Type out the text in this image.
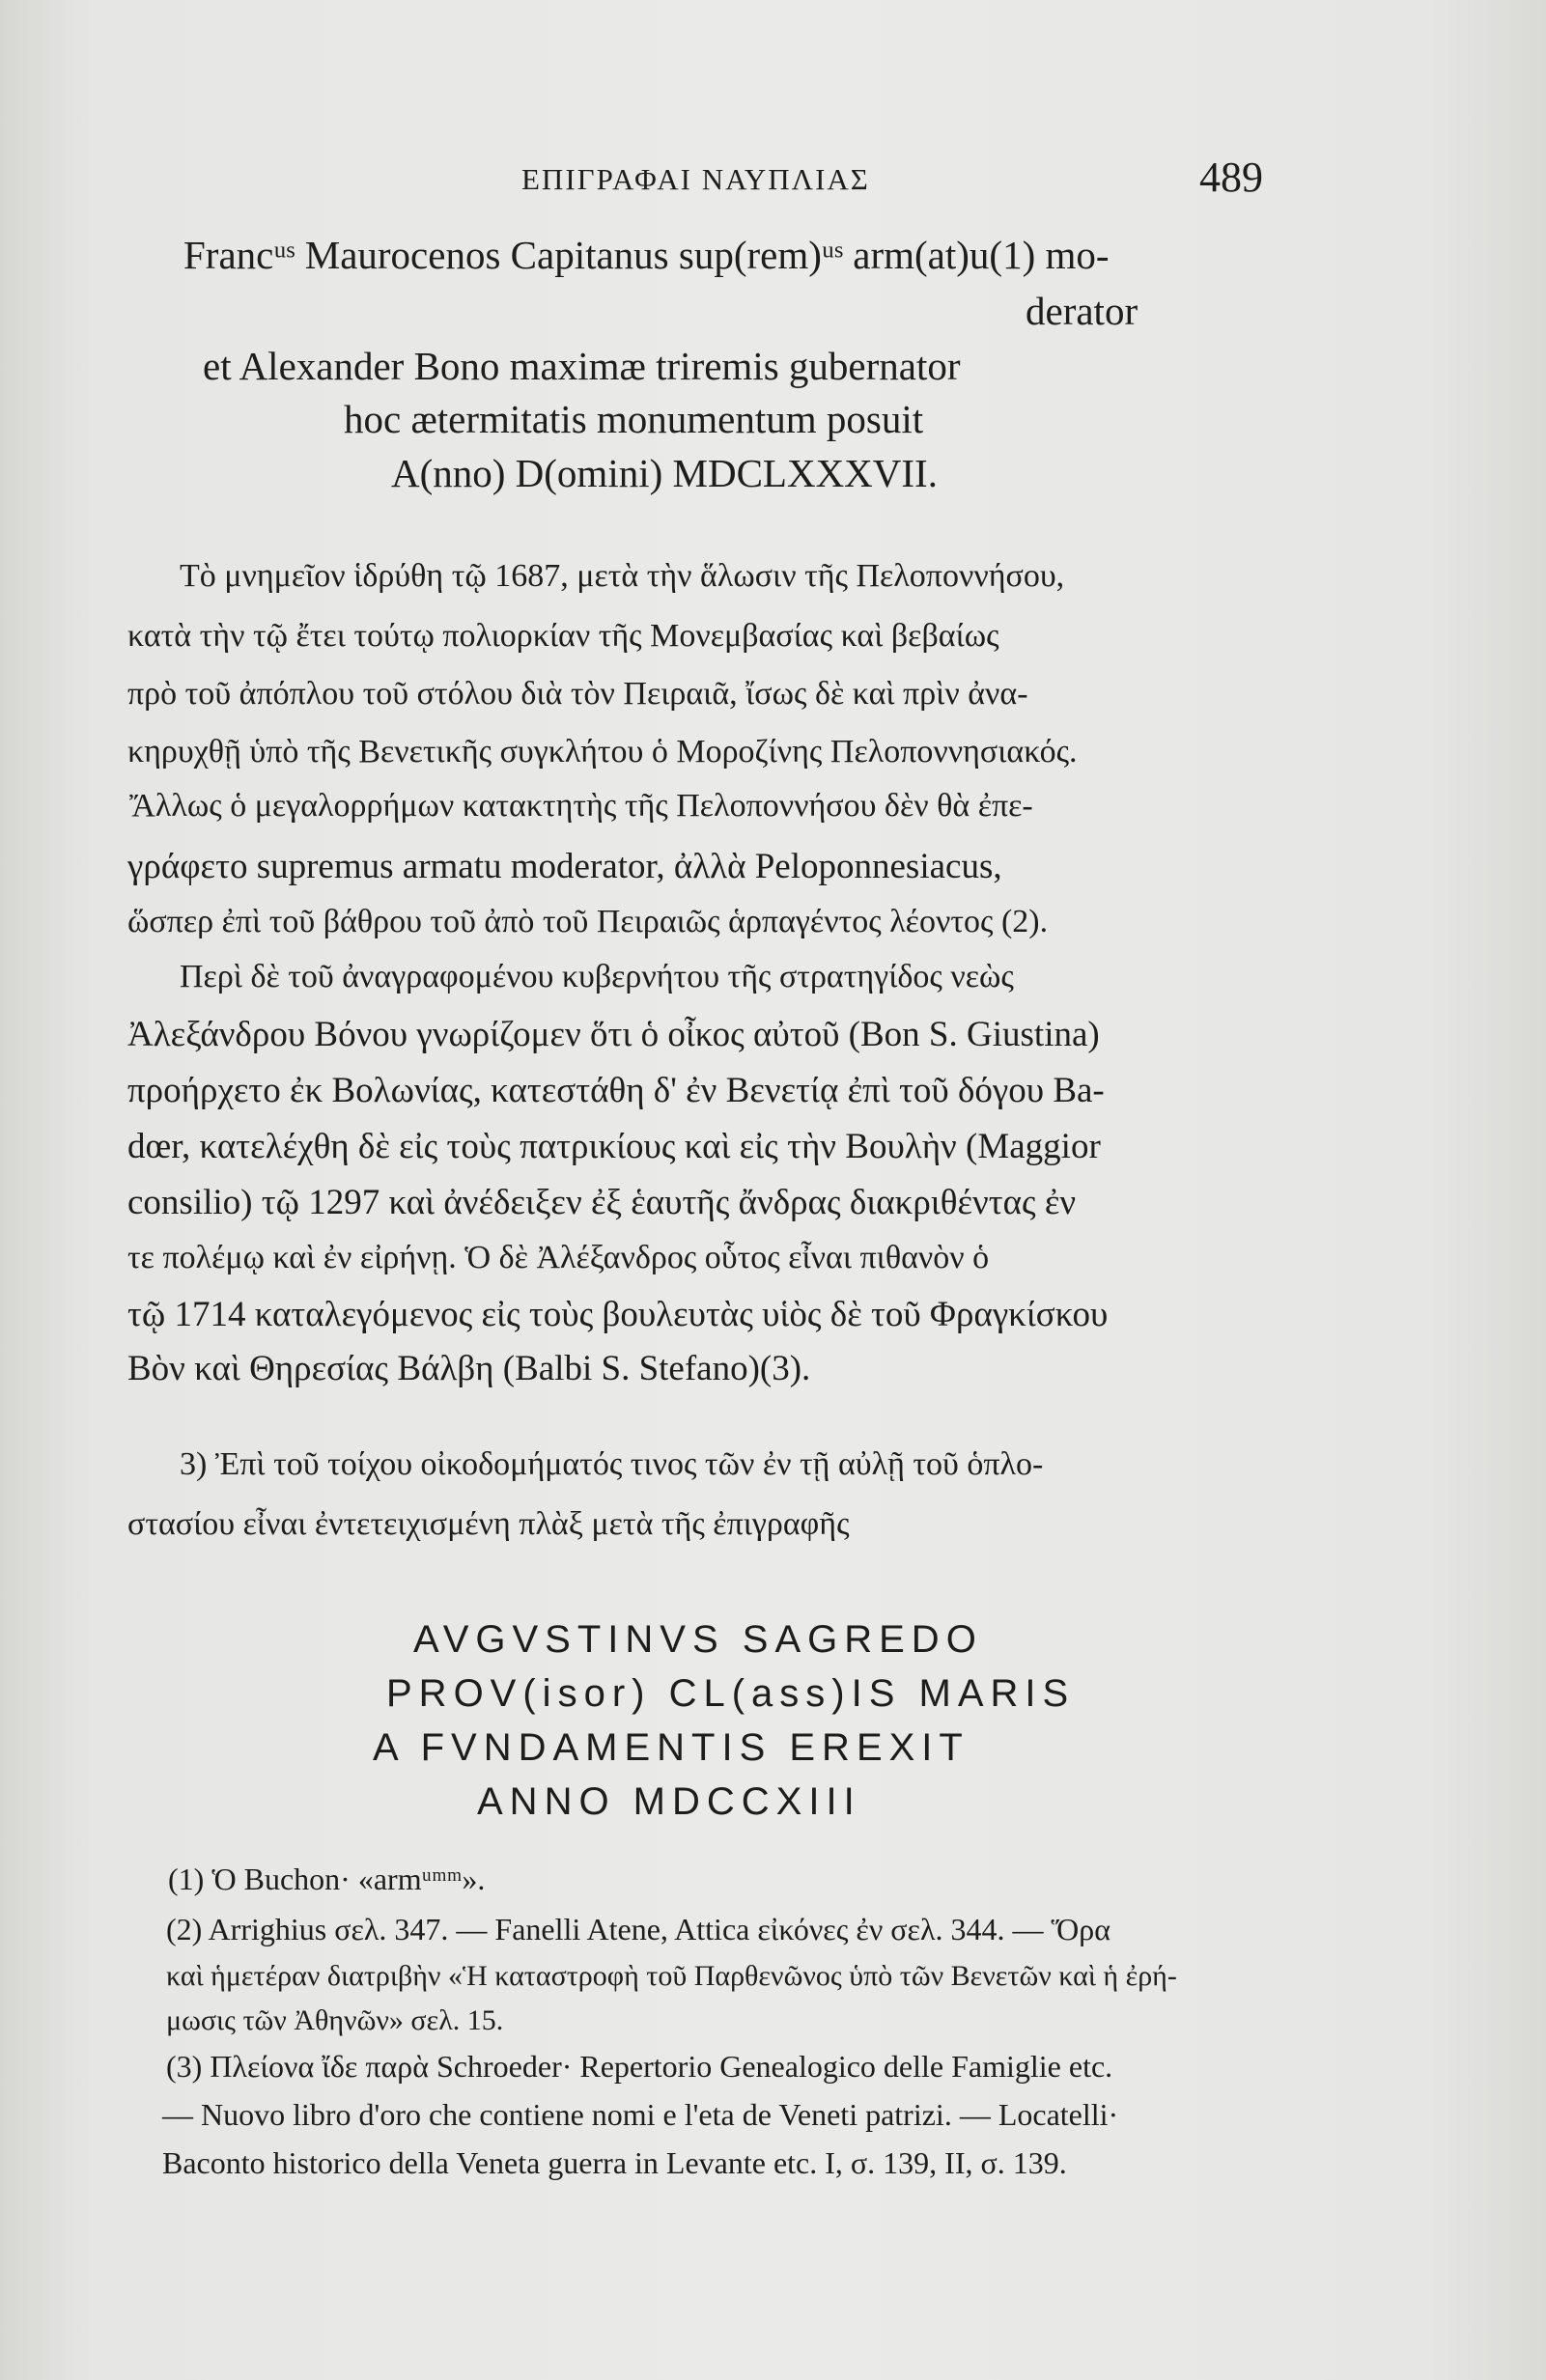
ΕΠΙΓΡΑΦΑΙ ΝΑΥΠΛΙΑΣ	489
Francᵘˢ Maurocenos Capitanus sup(rem)ᵘˢ arm(at)u(1) mo-
derator
et Alexander Bono maximæ triremis gubernator
hoc ætermitatis monumentum posuit
A(nno) D(omini) MDCLXXXVII.
Τὸ μνημεῖον ἱδρύθη τῷ 1687, μετὰ τὴν ἅλωσιν τῆς Πελοποννήσου,
κατὰ τὴν τῷ ἔτει τούτῳ πολιορκίαν τῆς Μονεμβασίας καὶ βεβαίως
πρὸ τοῦ ἀπόπλου τοῦ στόλου διὰ τὸν Πειραιᾶ, ἴσως δὲ καὶ πρὶν ἀνα-
κηρυχθῇ ὑπὸ τῆς Βενετικῆς συγκλήτου ὁ Μοροζίνης Πελοποννησιακός.
Ἄλλως ὁ μεγαλορρήμων κατακτητὴς τῆς Πελοποννήσου δὲν θὰ ἐπε-
γράφετο supremus armatu moderator, ἀλλὰ Peloponnesiacus,
ὥσπερ ἐπὶ τοῦ βάθρου τοῦ ἀπὸ τοῦ Πειραιῶς ἁρπαγέντος λέοντος (2).
Περὶ δὲ τοῦ ἀναγραφομένου κυβερνήτου τῆς στρατηγίδος νεὼς
Ἀλεξάνδρου Βόνου γνωρίζομεν ὅτι ὁ οἶκος αὐτοῦ (Bon S. Giustina)
προήρχετο ἐκ Βολωνίας, κατεστάθη δ' ἐν Βενετίᾳ ἐπὶ τοῦ δόγου Ba-
dœr, κατελέχθη δὲ εἰς τοὺς πατρικίους καὶ εἰς τὴν Βουλὴν (Maggior
consilio) τῷ 1297 καὶ ἀνέδειξεν ἐξ ἑαυτῆς ἄνδρας διακριθέντας ἐν
τε πολέμῳ καὶ ἐν εἰρήνῃ. Ὁ δὲ Ἀλέξανδρος οὗτος εἶναι πιθανὸν ὁ
τῷ 1714 καταλεγόμενος εἰς τοὺς βουλευτὰς υἱὸς δὲ τοῦ Φραγκίσκου
Βὸν καὶ Θηρεσίας Βάλβη (Balbi S. Stefano)(3).
3) Ἐπὶ τοῦ τοίχου οἰκοδομήματός τινος τῶν ἐν τῇ αὐλῇ τοῦ ὁπλο-
στασίου εἶναι ἐντετειχισμένη πλὰξ μετὰ τῆς ἐπιγραφῆς
AVGVSTINVS SAGREDO
PROV(isor) CL(ass)IS MARIS
A FVNDAMENTIS EREXIT
ANNO MDCCXIII
(1) Ὁ Buchon· «armᵘᵐᵐ».
(2) Arrighius σελ. 347. — Fanelli Atene, Attica εἰκόνες ἐν σελ. 344. — Ὅρα
καὶ ἡμετέραν διατριβὴν «Ἡ καταστροφὴ τοῦ Παρθενῶνος ὑπὸ τῶν Βενετῶν καὶ ἡ ἐρή-
μωσις τῶν Ἀθηνῶν» σελ. 15.
(3) Πλείονα ἴδε παρὰ Schroeder· Repertorio Genealogico delle Famiglie etc.
— Nuovo libro d'oro che contiene nomi e l'eta de Veneti patrizi. — Locatelli·
Baconto historico della Veneta guerra in Levante etc. I, σ. 139, II, σ. 139.
